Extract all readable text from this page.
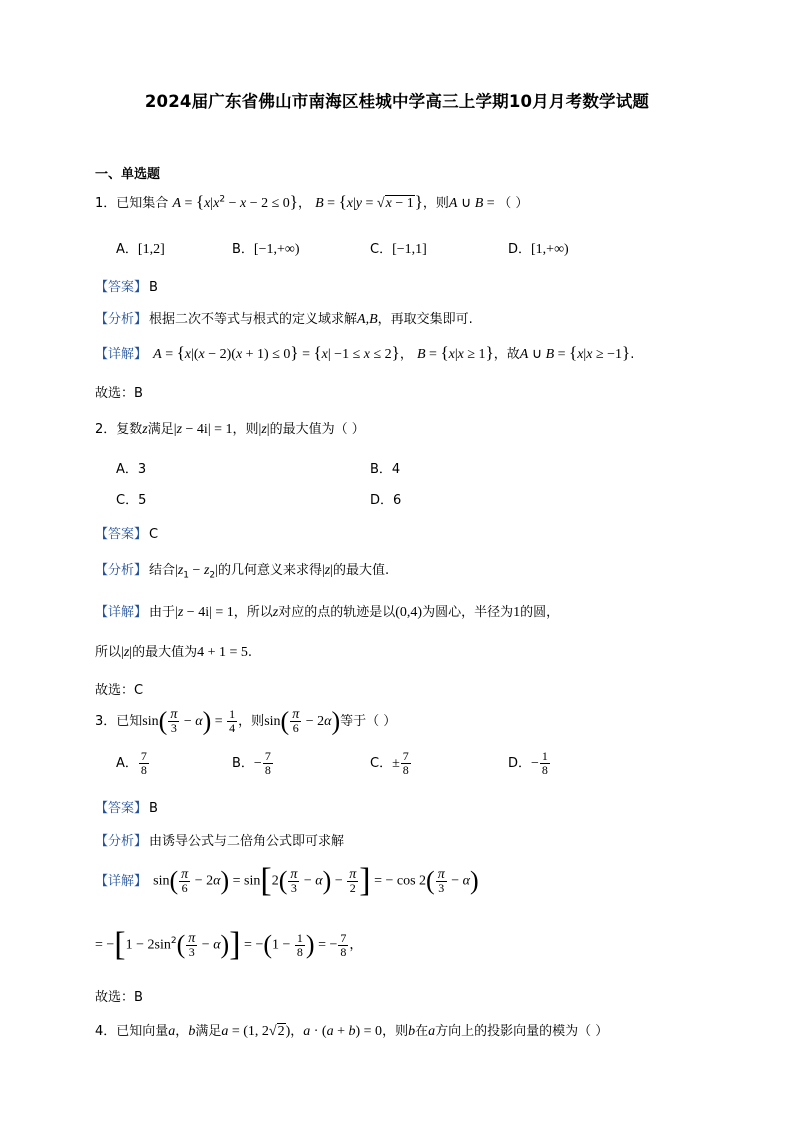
2024届广东省佛山市南海区桂城中学高三上学期10月月考数学试题
一、单选题
1．已知集合 $A = \{x|x^2 - x - 2 \le 0\}$， B = {x|y = √x − 1}，则A ∪ B = （ ）
A．[1,2]	B．[−1,+∞)	C．[−1,1]	D．[1,+∞)
【答案】 B
【分析】 根据二次不等式与根式的定义域求解A,B，再取交集即可.
【详解】 A = {x|(x − 2)(x + 1) ≤ 0} = {x| −1 ≤ x ≤ 2}， B = {x|x ≥ 1}，故A ∪ B = {x|x ≥ −1}.
故选：B
2．复数z满足|z − 4i| = 1，则|z|的最大值为（ ）
A．3	B．4
C．5	D．6
【答案】 C
【分析】 结合$|z_1 - z_2|$的几何意义来求得|z|的最大值.
【详解】 由于|z − 4i| = 1，所以z对应的点的轨迹是以(0,4)为圆心，半径为1的圆，
所以|z|的最大值为4 + 1 = 5.
故选：C
3．已知$\sin( \frac{\pi}{3} - \alpha) = \frac{1}{4}$ ，则$\sin( \frac{\pi}{6} - 2\alpha)$等于（ ）
A． $\frac{7}{8}$	B．− $\frac{7}{8}$	C．± $\frac{7}{8}$	D．− $\frac{1}{8}$
【答案】 B
【分析】 由诱导公式与二倍角公式即可求解
【详解】 $\sin( \frac{\pi}{6} - 2\alpha) = \sin[2( \frac{\pi}{3} - \alpha) - \frac{\pi}{2}$ ] = − $\cos 2( \frac{\pi}{3} - \alpha)$
= $-[1 - 2\sin^2( \frac{\pi}{3} - \alpha)] = -(1 - \frac{1}{8}$ ) = − $\frac{7}{8}$ ，
故选：B
4．已知向量a，b满足a = (1, 2√2)，a · (a + b) = 0，则b在a方向上的投影向量的模为（ ）
